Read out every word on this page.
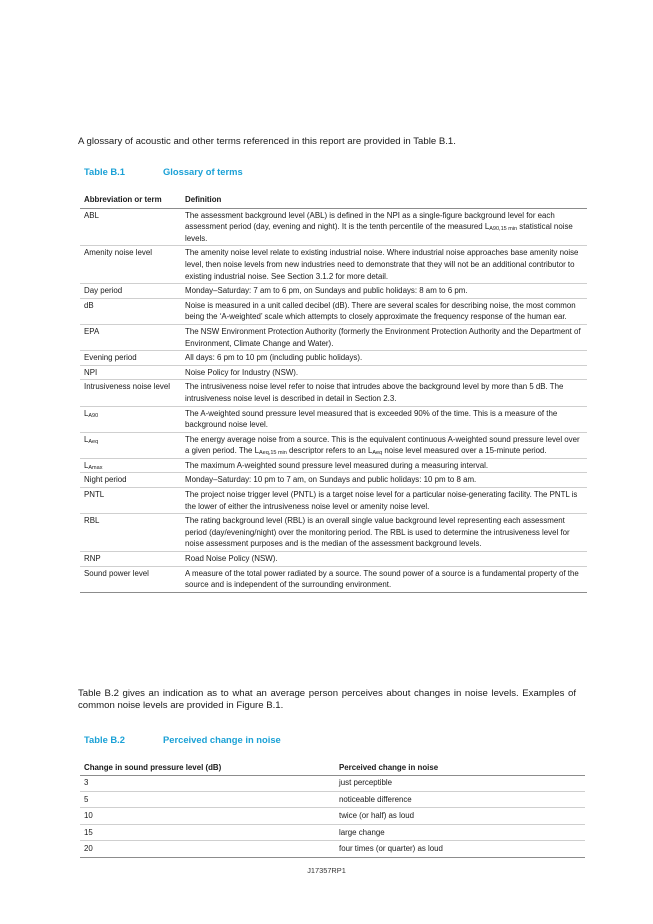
A glossary of acoustic and other terms referenced in this report are provided in Table B.1.

Table B.1	Glossary of terms
Abbreviation or term	Definition
ABL	The assessment background level (ABL) is defined in the NPI as a single-figure background level for each assessment period (day, evening and night). It is the tenth percentile of the measured $L_{A90,15 min}$ statistical noise levels.
Amenity noise level	The amenity noise level relate to existing industrial noise. Where industrial noise approaches base amenity noise level, then noise levels from new industries need to demonstrate that they will not be an additional contributor to existing industrial noise. See Section 3.1.2 for more detail.
Day period	Monday–Saturday: 7 am to 6 pm, on Sundays and public holidays: 8 am to 6 pm.
dB	Noise is measured in a unit called decibel (dB). There are several scales for describing noise, the most common being the ‘A-weighted’ scale which attempts to closely approximate the frequency response of the human ear.
EPA	The NSW Environment Protection Authority (formerly the Environment Protection Authority and the Department of Environment, Climate Change and Water).
Evening period	All days: 6 pm to 10 pm (including public holidays).
NPI	Noise Policy for Industry (NSW).
Intrusiveness noise level	The intrusiveness noise level refer to noise that intrudes above the background level by more than 5 dB. The intrusiveness noise level is described in detail in Section 2.3.
$L_{A90}$	The A-weighted sound pressure level measured that is exceeded 90% of the time. This is a measure of the background noise level.
$L_{Aeq}$	The energy average noise from a source. This is the equivalent continuous A-weighted sound pressure level over a given period. The $L_{Aeq,15 min}$ descriptor refers to an $L_{Aeq}$ noise level measured over a 15-minute period.
$L_{Amax}$	The maximum A-weighted sound pressure level measured during a measuring interval.
Night period	Monday–Saturday: 10 pm to 7 am, on Sundays and public holidays: 10 pm to 8 am.
PNTL	The project noise trigger level (PNTL) is a target noise level for a particular noise-generating facility. The PNTL is the lower of either the intrusiveness noise level or amenity noise level.
RBL	The rating background level (RBL) is an overall single value background level representing each assessment period (day/evening/night) over the monitoring period. The RBL is used to determine the intrusiveness level for noise assessment purposes and is the median of the assessment background levels.
RNP	Road Noise Policy (NSW).
Sound power level	A measure of the total power radiated by a source. The sound power of a source is a fundamental property of the source and is independent of the surrounding environment.

Table B.2 gives an indication as to what an average person perceives about changes in noise levels. Examples of common noise levels are provided in Figure B.1.

Table B.2	Perceived change in noise
Change in sound pressure level (dB)	Perceived change in noise
3	just perceptible
5	noticeable difference
10	twice (or half) as loud
15	large change
20	four times (or quarter) as loud
J17357RP1
